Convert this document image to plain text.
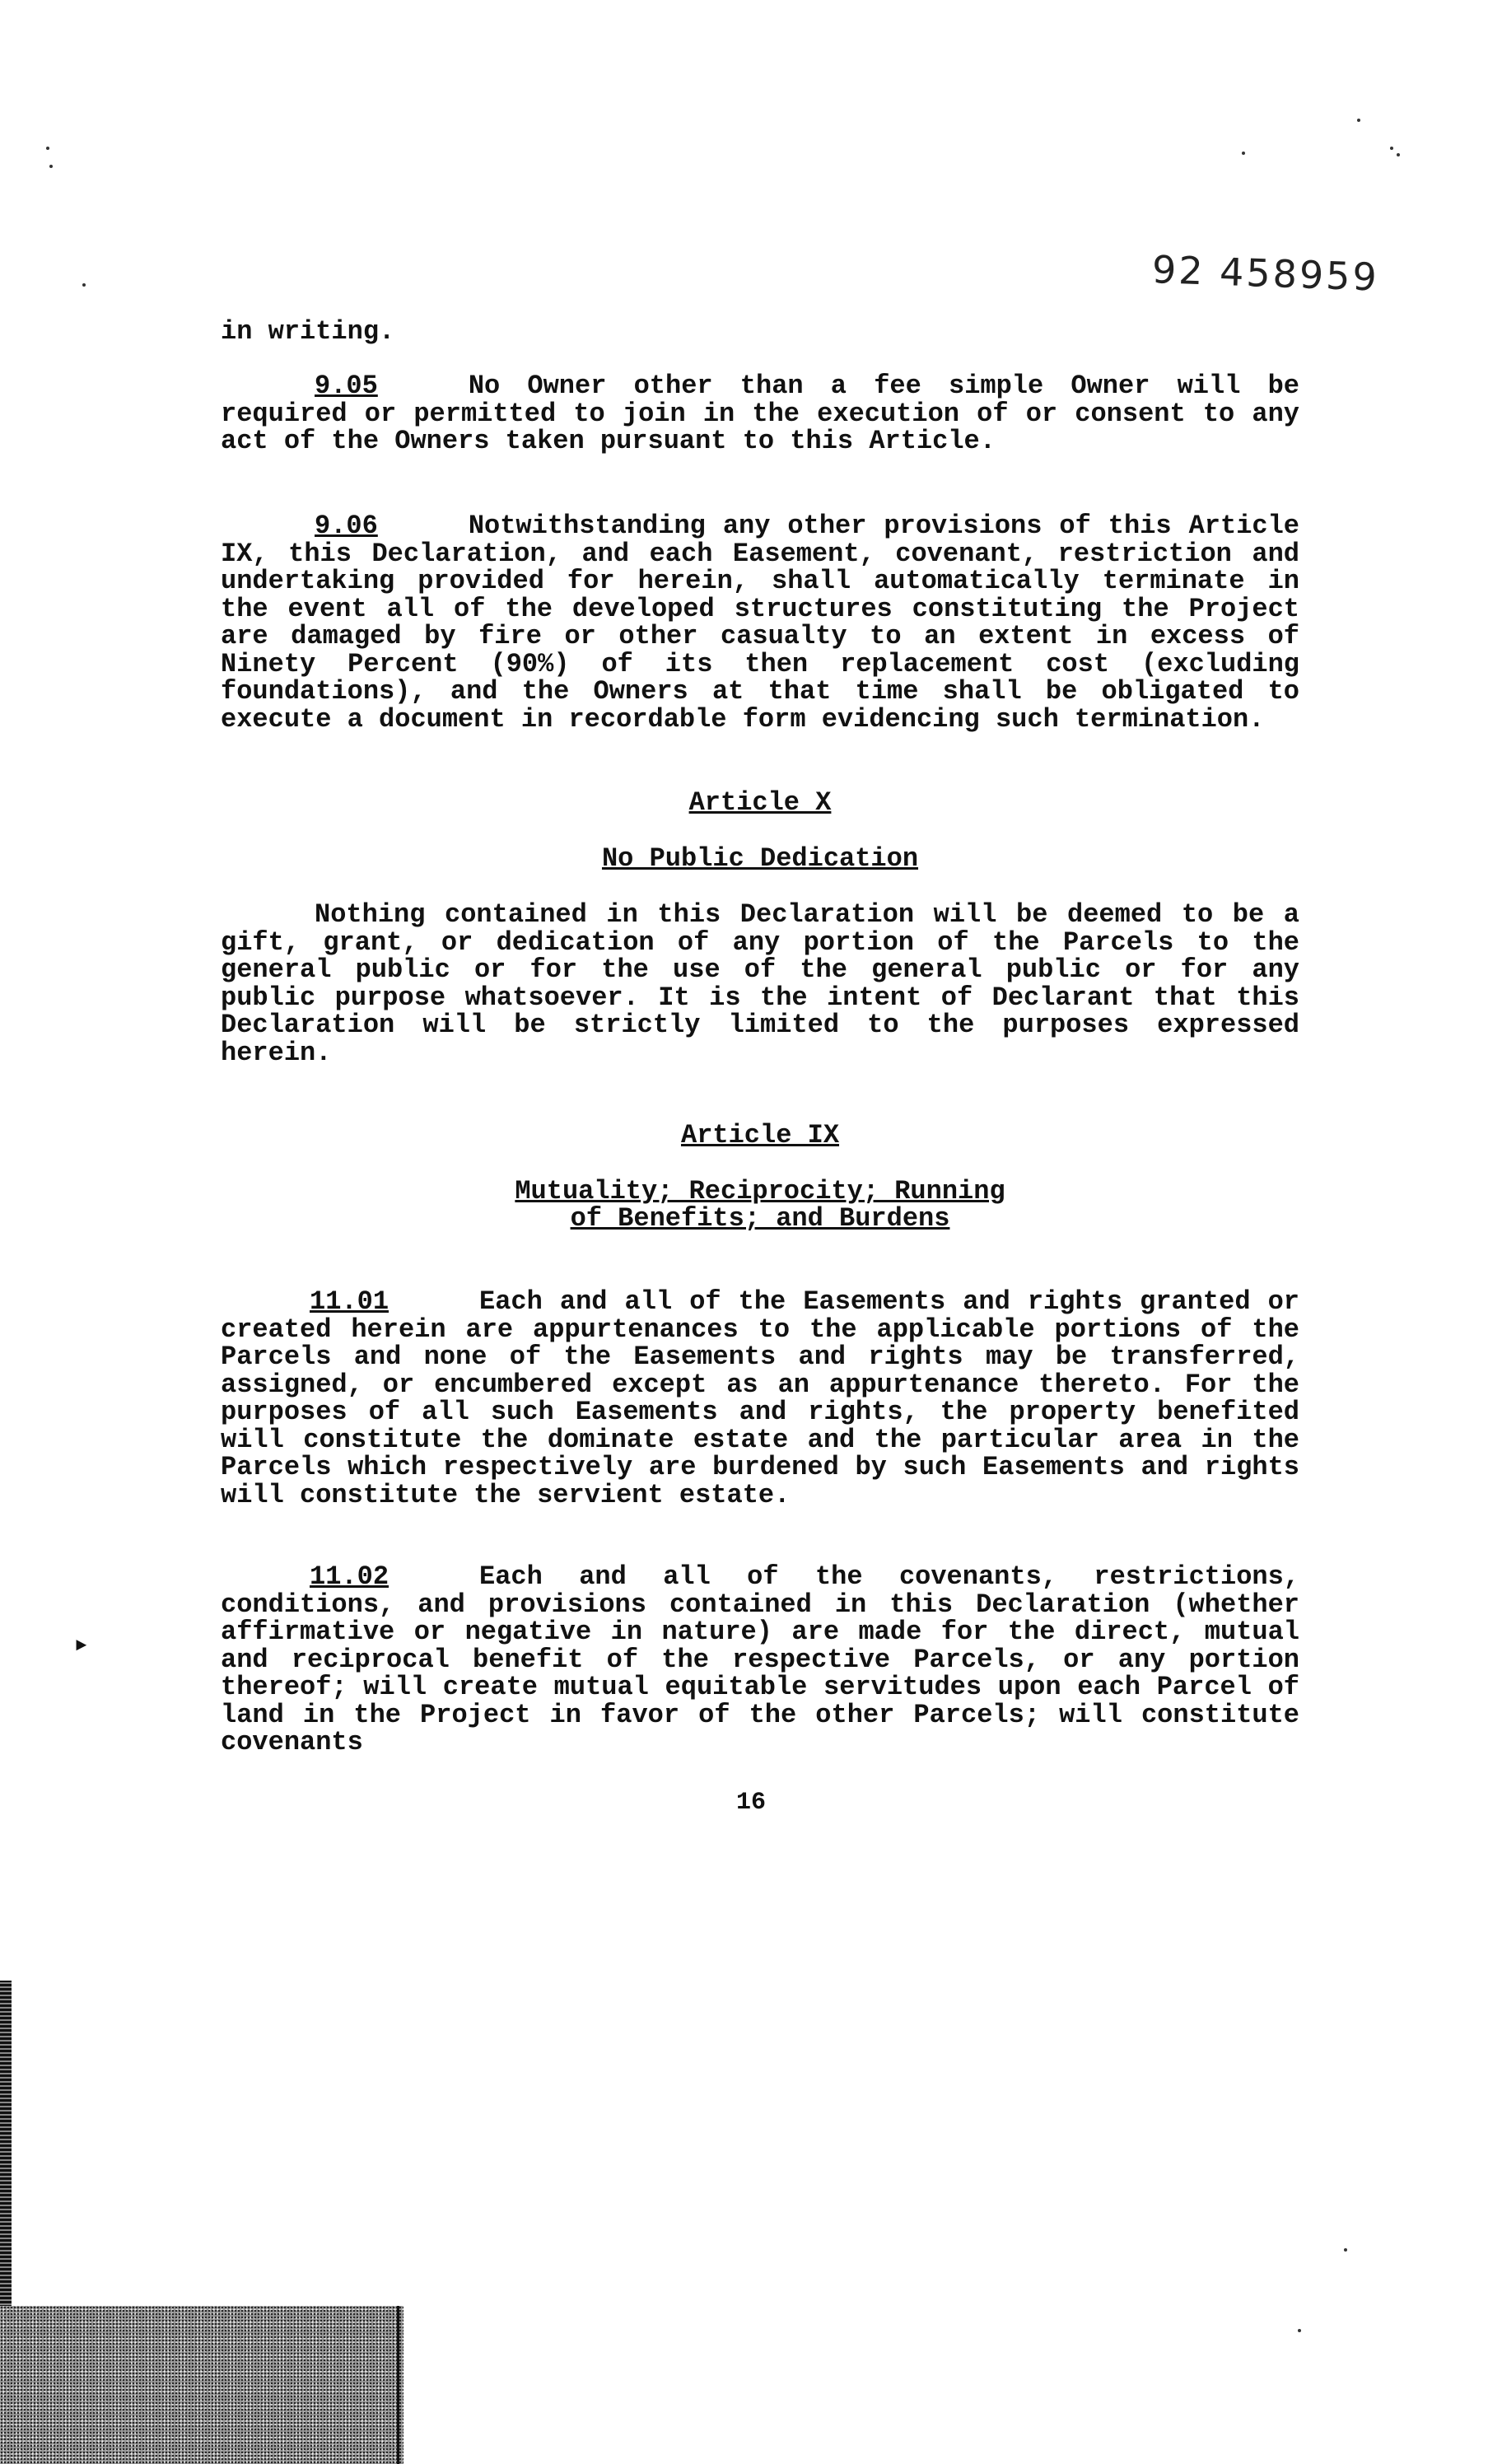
92 458959

in writing.

9.05	No Owner other than a fee simple Owner will be required or permitted to join in the execution of or consent to any act of the Owners taken pursuant to this Article.

9.06	Notwithstanding any other provisions of this Article IX, this Declaration, and each Easement, covenant, restriction and undertaking provided for herein, shall automatically terminate in the event all of the developed structures constituting the Project are damaged by fire or other casualty to an extent in excess of Ninety Percent (90%) of its then replacement cost (excluding foundations), and the Owners at that time shall be obligated to execute a document in recordable form evidencing such termination.

Article X

No Public Dedication

Nothing contained in this Declaration will be deemed to be a gift, grant, or dedication of any portion of the Parcels to the general public or for the use of the general public or for any public purpose whatsoever. It is the intent of Declarant that this Declaration will be strictly limited to the purposes expressed herein.

Article IX

Mutuality; Reciprocity; Running

of Benefits; and Burdens

11.01	Each and all of the Easements and rights granted or created herein are appurtenances to the applicable portions of the Parcels and none of the Easements and rights may be transferred, assigned, or encumbered except as an appurtenance thereto. For the purposes of all such Easements and rights, the property benefited will constitute the dominate estate and the particular area in the Parcels which respectively are burdened by such Easements and rights will constitute the servient estate.

11.02	Each and all of the covenants, restrictions, conditions, and provisions contained in this Declaration (whether affirmative or negative in nature) are made for the direct, mutual and reciprocal benefit of the respective Parcels, or any portion thereof; will create mutual equitable servitudes upon each Parcel of land in the Project in favor of the other Parcels; will constitute covenants

16
►
